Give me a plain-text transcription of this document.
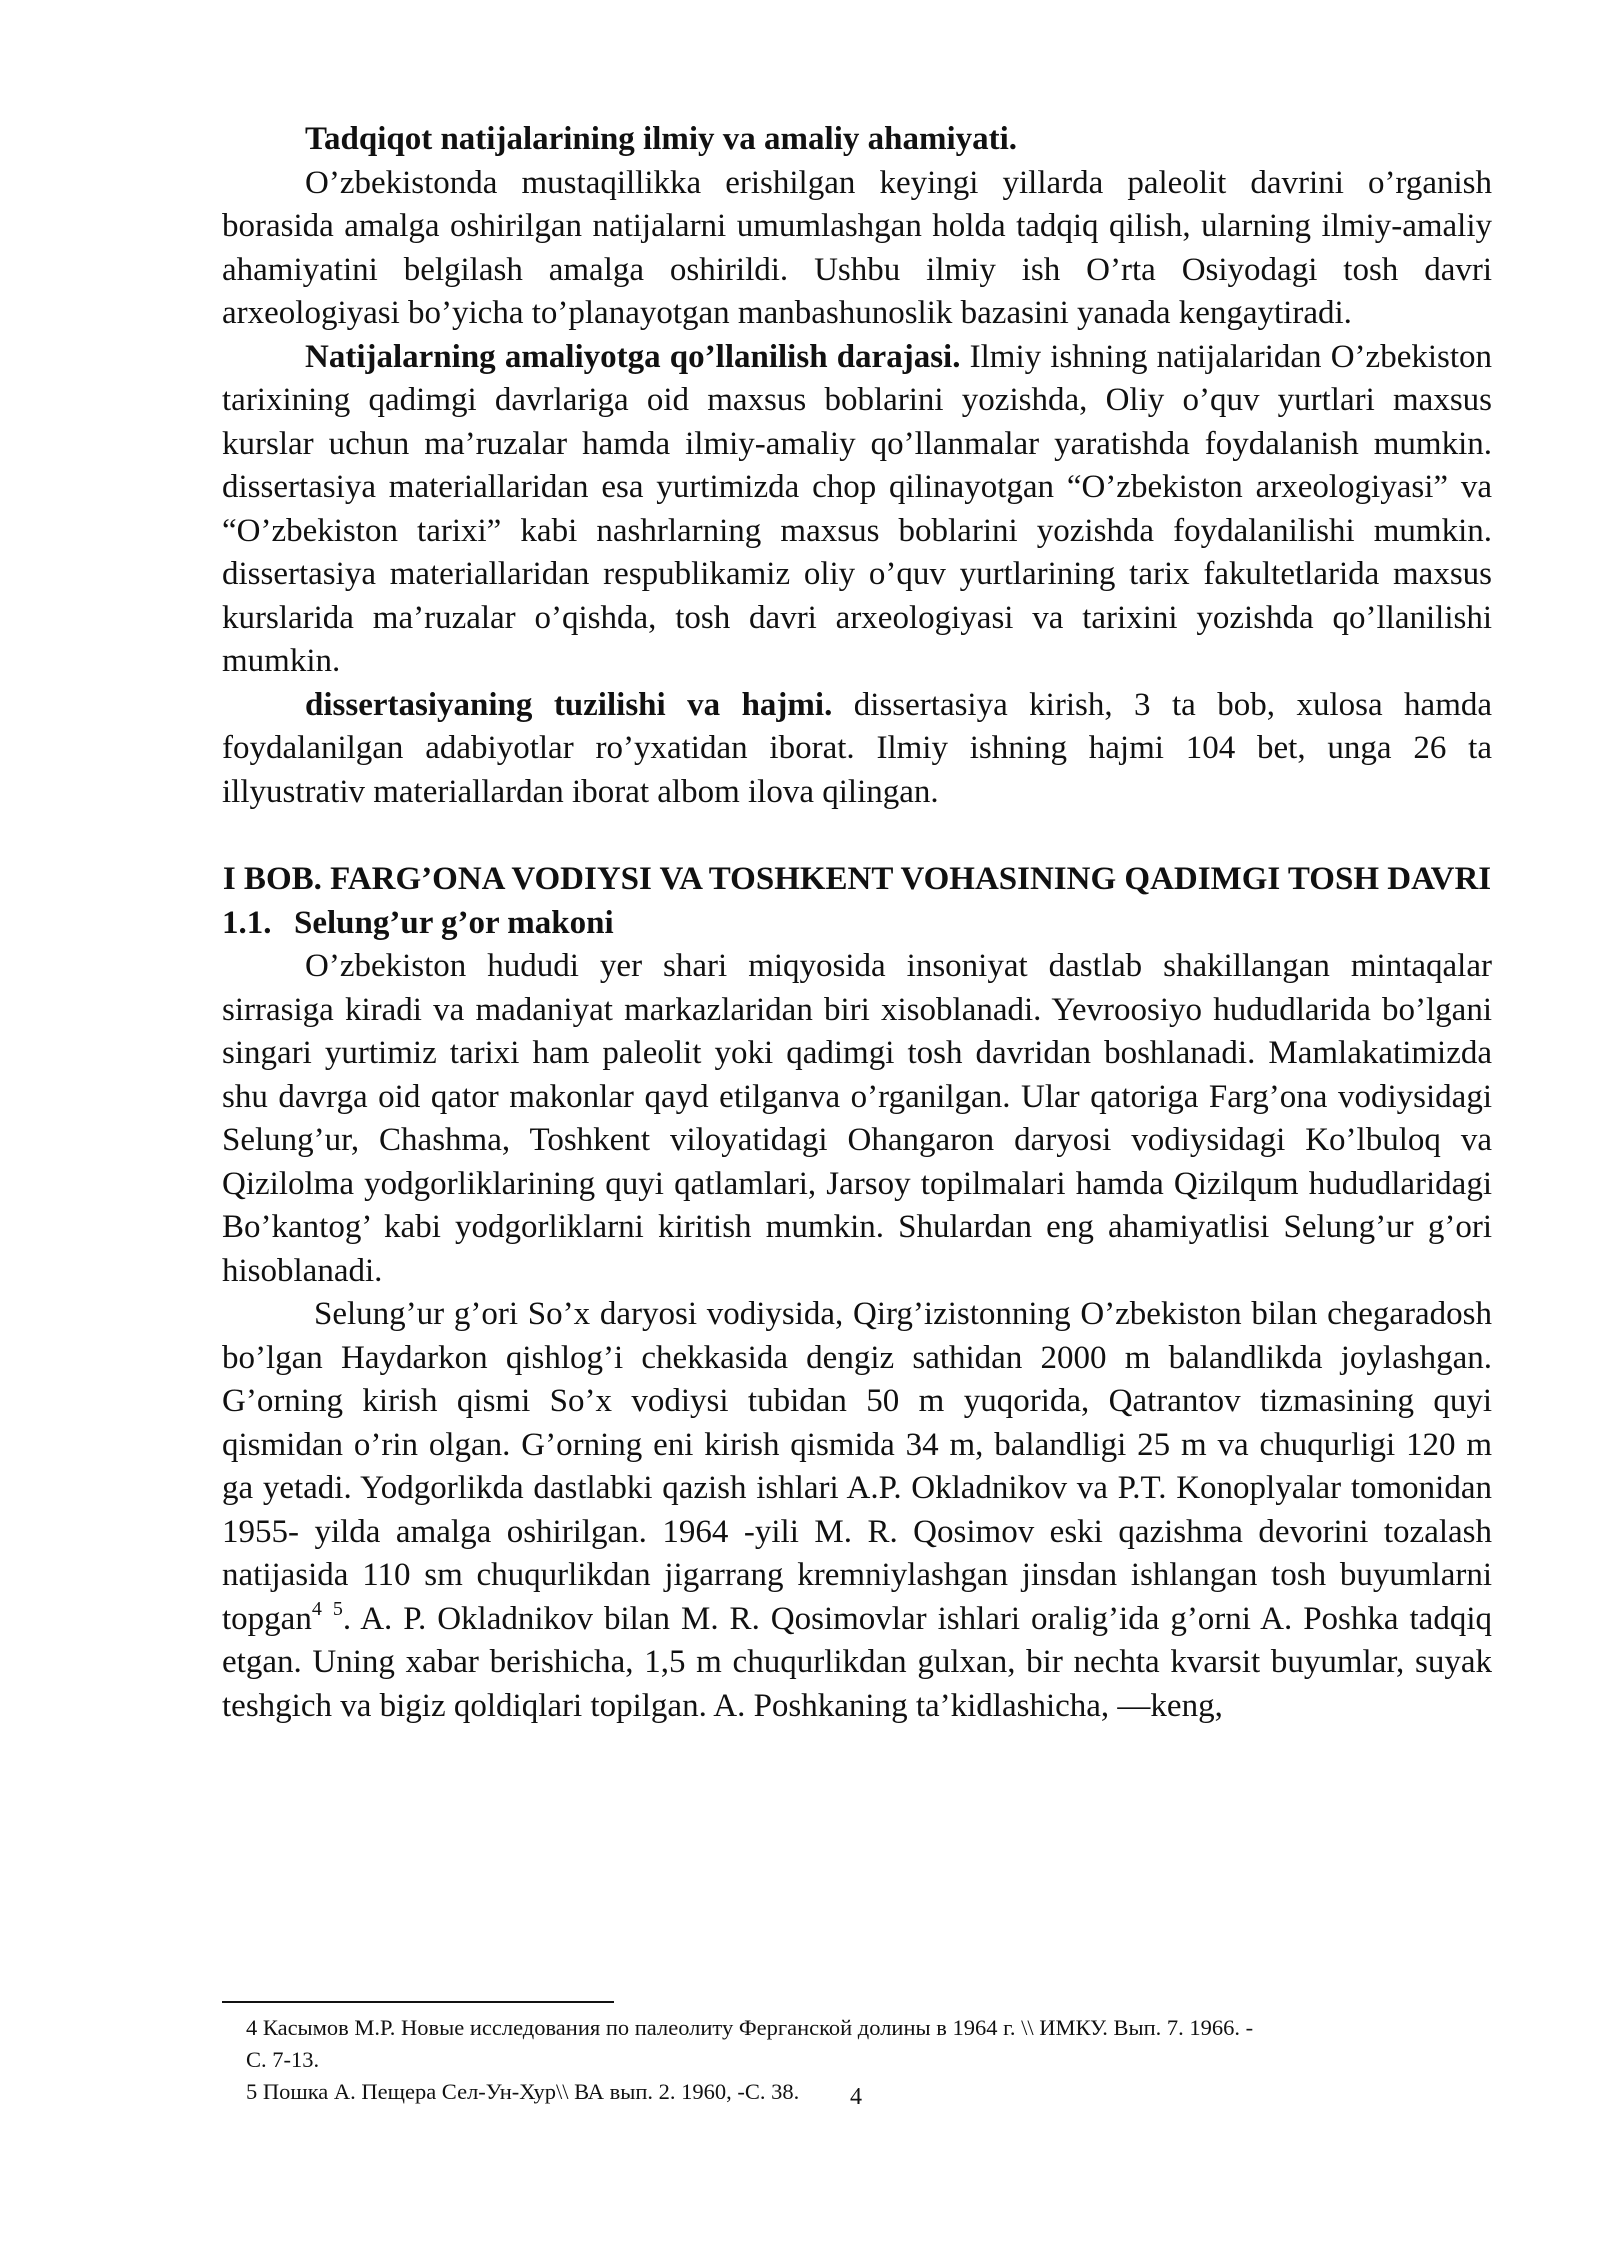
Tadqiqot natijalarining ilmiy va amaliy ahamiyati.

O’zbekistonda mustaqillikka erishilgan keyingi yillarda paleolit davrini o’rganish borasida amalga oshirilgan natijalarni umumlashgan holda tadqiq qilish, ularning ilmiy-amaliy ahamiyatini belgilash amalga oshirildi. Ushbu ilmiy ish O’rta Osiyodagi tosh davri arxeologiyasi bo’yicha to’planayotgan manbashunoslik bazasini yanada kengaytiradi.

Natijalarning amaliyotga qo’llanilish darajasi. Ilmiy ishning natijalaridan O’zbekiston tarixining qadimgi davrlariga oid maxsus boblarini yozishda, Oliy o’quv yurtlari maxsus kurslar uchun ma’ruzalar hamda ilmiy-amaliy qo’llanmalar yaratishda foydalanish mumkin. dissertasiya materiallaridan esa yurtimizda chop qilinayotgan “O’zbekiston arxeologiyasi” va “O’zbekiston tarixi” kabi nashrlarning maxsus boblarini yozishda foydalanilishi mumkin. dissertasiya materiallaridan respublikamiz oliy o’quv yurtlarining tarix fakultetlarida maxsus kurslarida ma’ruzalar o’qishda, tosh davri arxeologiyasi va tarixini yozishda qo’llanilishi mumkin.

dissertasiyaning tuzilishi va hajmi. dissertasiya kirish, 3 ta bob, xulosa hamda foydalanilgan adabiyotlar ro’yxatidan iborat. Ilmiy ishning hajmi 104 bet, unga 26 ta illyustrativ materiallardan iborat albom ilova qilingan.

I BOB. FARG’ONA VODIYSI VA TOSHKENT VOHASINING QADIMGI TOSH DAVRI

1.1. Selung’ur g’or makoni

O’zbekiston hududi yer shari miqyosida insoniyat dastlab shakillangan mintaqalar sirrasiga kiradi va madaniyat markazlaridan biri xisoblanadi. Yevroosiyo hududlarida bo’lgani singari yurtimiz tarixi ham paleolit yoki qadimgi tosh davridan boshlanadi. Mamlakatimizda shu davrga oid qator makonlar qayd etilganva o’rganilgan. Ular qatoriga Farg’ona vodiysidagi Selung’ur, Chashma, Toshkent viloyatidagi Ohangaron daryosi vodiysidagi Ko’lbuloq va Qizilolma yodgorliklarining quyi qatlamlari, Jarsoy topilmalari hamda Qizilqum hududlaridagi Bo’kantog’ kabi yodgorliklarni kiritish mumkin. Shulardan eng ahamiyatlisi Selung’ur g’ori hisoblanadi.

Selung’ur g’ori So’x daryosi vodiysida, Qirg’izistonning O’zbekiston bilan chegaradosh bo’lgan Haydarkon qishlog’i chekkasida dengiz sathidan 2000 m balandlikda joylashgan. G’orning kirish qismi So’x vodiysi tubidan 50 m yuqorida, Qatrantov tizmasining quyi qismidan o’rin olgan. G’orning eni kirish qismida 34 m, balandligi 25 m va chuqurligi 120 m ga yetadi. Yodgorlikda dastlabki qazish ishlari A.P. Okladnikov va P.T. Konoplyalar tomonidan 1955- yilda amalga oshirilgan. 1964 -yili M. R. Qosimov eski qazishma devorini tozalash natijasida 110 sm chuqurlikdan jigarrang kremniylashgan jinsdan ishlangan tosh buyumlarni topgan$^4$ $^5$. A. P. Okladnikov bilan M. R. Qosimovlar ishlari oralig’ida g’orni A. Poshka tadqiq etgan. Uning xabar berishicha, 1,5 m chuqurlikdan gulxan, bir nechta kvarsit buyumlar, suyak teshgich va bigiz qoldiqlari topilgan. A. Poshkaning ta’kidlashicha, —keng,

4 Касымов М.Р. Новые исследования по палеолиту Ферганской долины в 1964 г. \\ ИМКУ. Вып. 7. 1966. -
С. 7-13.

5 Пошка А. Пещера Сел-Ун-Хур\\ ВА вып. 2. 1960, -С. 38.	4
